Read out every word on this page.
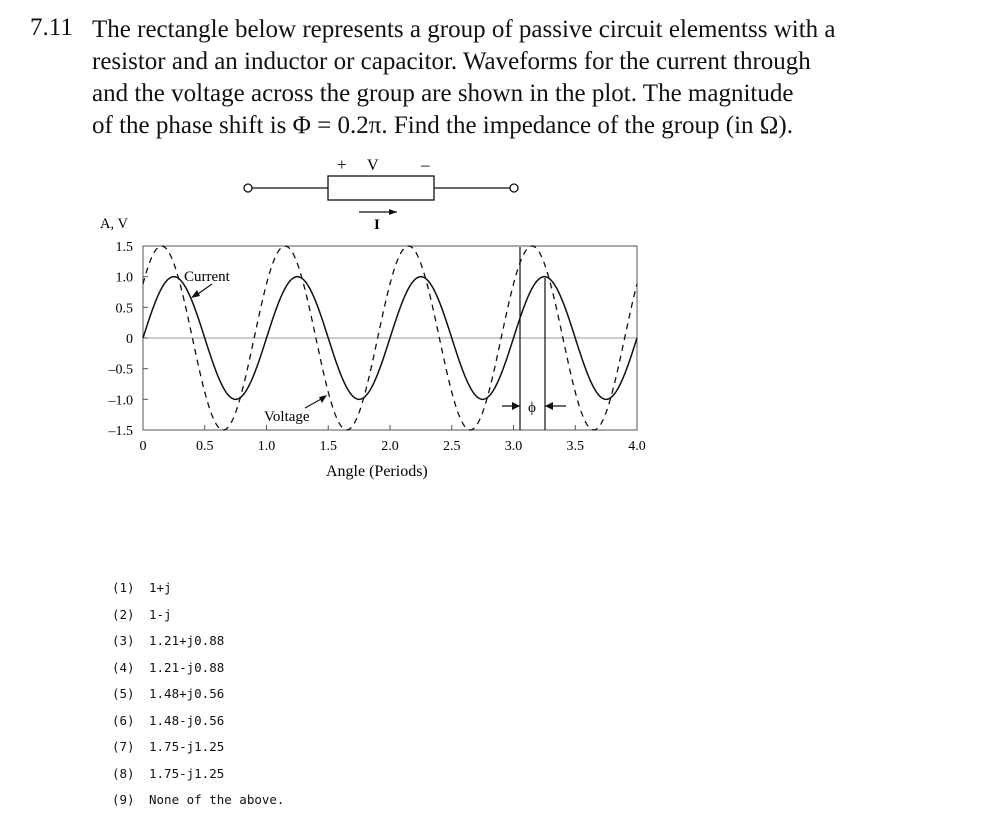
7.11 The rectangle below represents a group of passive circuit elementss with a
resistor and an inductor or capacitor. Waveforms for the current through
and the voltage across the group are shown in the plot. The magnitude
of the phase shift is Φ = 0.2π. Find the impedance of the group (in Ω).
+ V –
I
A, V
1.5
1.0
0.5
0
–0.5
–1.0
–1.5
0	0.5	1.0	1.5	2.0	2.5	3.0	3.5	4.0
Current
Voltage
ϕ
Angle (Periods)
(1) 1+j
(2) 1-j
(3) 1.21+j0.88
(4) 1.21-j0.88
(5) 1.48+j0.56
(6) 1.48-j0.56
(7) 1.75-j1.25
(8) 1.75-j1.25
(9) None of the above.
